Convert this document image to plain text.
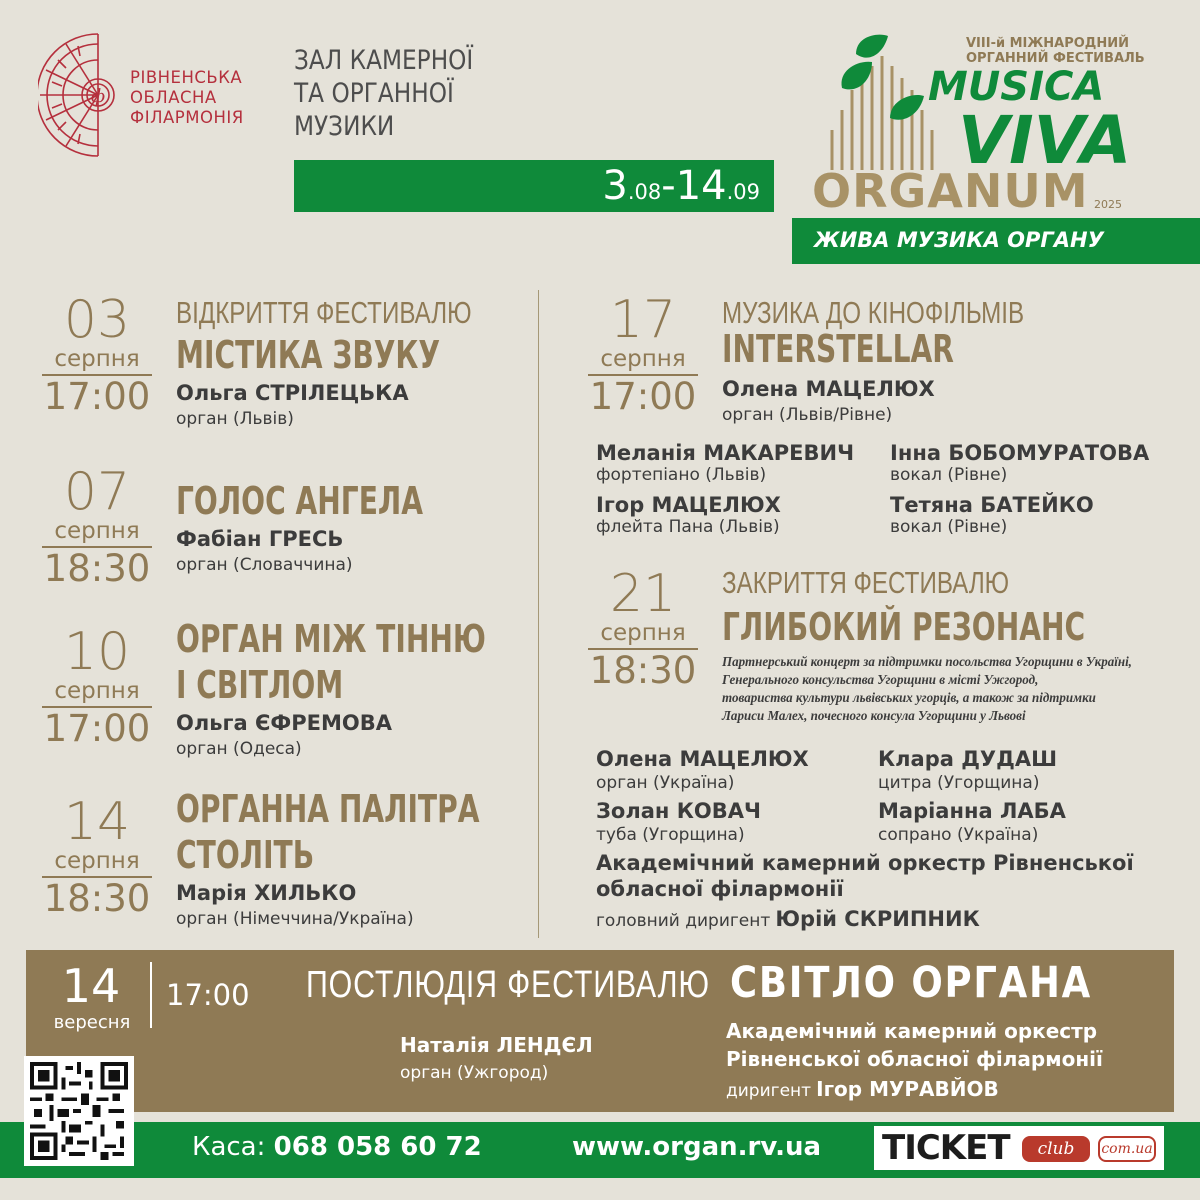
ф
РІВНЕНСЬКА
ОБЛАСНА
ФІЛАРМОНІЯ
ЗАЛ КАМЕРНОЇ
ТА ОРГАННОЇ
МУЗИКИ
3.08-14.09
VIII-й МІЖНАРОДНИЙ
ОРГАННИЙ ФЕСТИВАЛЬ
MUSICA
VIVA
ORGANUM 2025
ЖИВА МУЗИКА ОРГАНУ
03
серпня
17:00
ВІДКРИТТЯ ФЕСТИВАЛЮ
МІСТИКА ЗВУКУ
Ольга СТРІЛЕЦЬКА
орган (Львів)
07
серпня
18:30
ГОЛОС АНГЕЛА
Фабіан ГРЕСЬ
орган (Словаччина)
10
серпня
17:00
ОРГАН МІЖ ТІННЮ
І СВІТЛОМ
Ольга ЄФРЕМОВА
орган (Одеса)
14
серпня
18:30
ОРГАННА ПАЛІТРА
СТОЛІТЬ
Марія ХИЛЬКО
орган (Німеччина/Україна)
17
серпня
17:00
МУЗИКА ДО КІНОФІЛЬМІВ
INTERSTELLAR
Олена МАЦЕЛЮХ
орган (Львів/Рівне)
Меланія МАКАРЕВИЧ
фортепіано (Львів)
Інна БОБОМУРАТОВА
вокал (Рівне)
Ігор МАЦЕЛЮХ
флейта Пана (Львів)
Тетяна БАТЕЙКО
вокал (Рівне)
21
серпня
18:30
ЗАКРИТТЯ ФЕСТИВАЛЮ
ГЛИБОКИЙ РЕЗОНАНС
Партнерський концерт за підтримки посольства Угорщини в Україні,
Генерального консульства Угорщини в місті Ужгород,
товариства культури львівських угорців, а також за підтримки
Лариси Малех, почесного консула Угорщини у Львові
Олена МАЦЕЛЮХ
орган (Україна)
Клара ДУДАШ
цитра (Угорщина)
Золан КОВАЧ
туба (Угорщина)
Маріанна ЛАБА
сопрано (Україна)
Академічний камерний оркестр Рівненської
обласної філармонії
головний диригент Юрій СКРИПНИК
14
вересня
17:00 ПОСТЛЮДІЯ ФЕСТИВАЛЮ СВІТЛО ОРГАНА
Наталія ЛЕНДЄЛ
орган (Ужгород)
Академічний камерний оркестр
Рівненської обласної філармонії
диригент Ігор МУРАВЙОВ
Каса: 068 058 60 72	www.organ.rv.ua TICKET	club	com.ua
